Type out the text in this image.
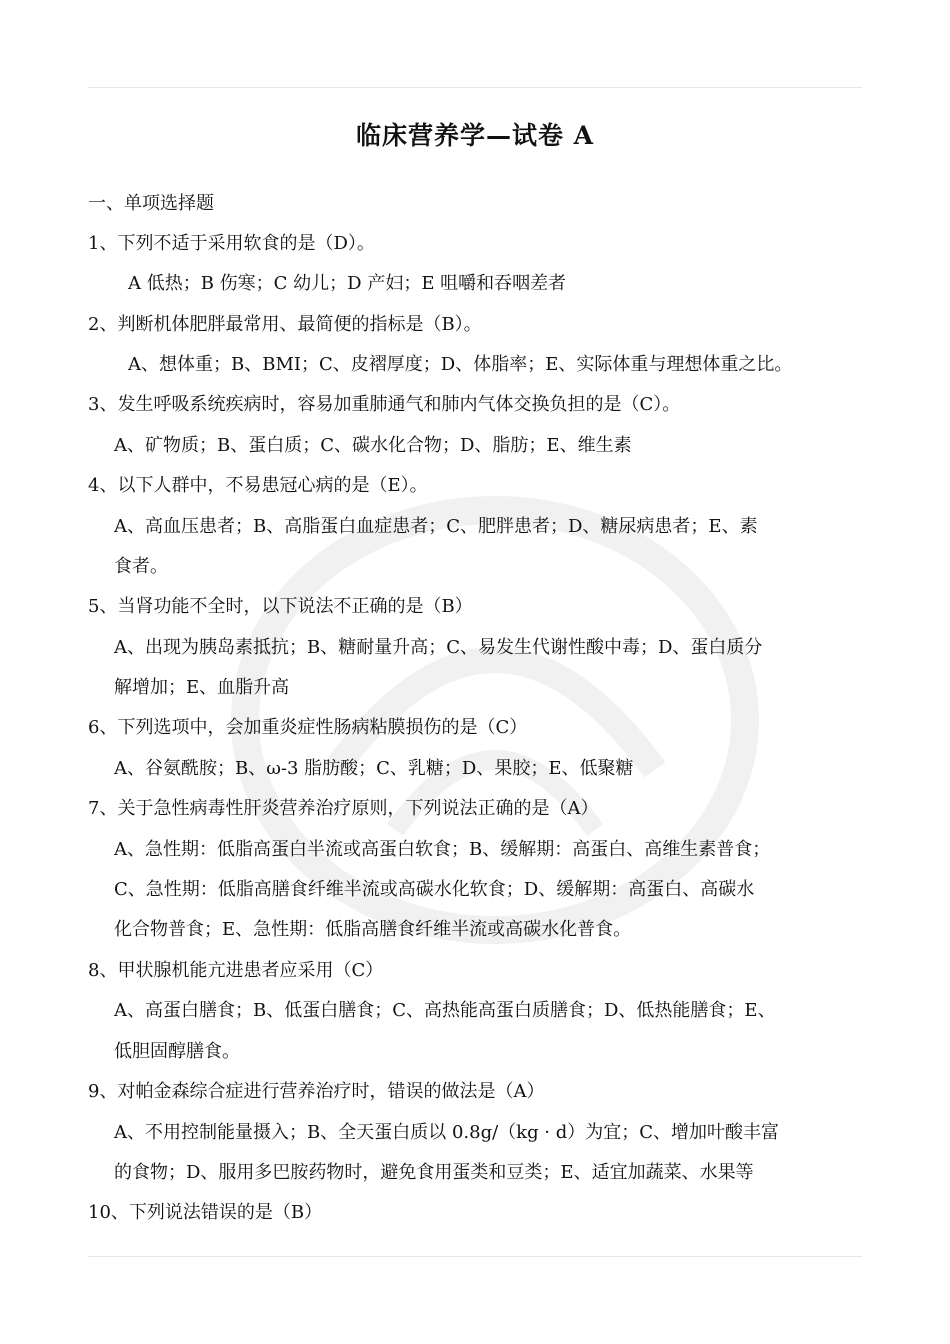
临床营养学—试卷 A
一、单项选择题
1、下列不适于采用软食的是（D）。
A 低热；B 伤寒；C 幼儿；D 产妇；E 咀嚼和吞咽差者
2、判断机体肥胖最常用、最简便的指标是（B）。
A、想体重；B、BMI；C、皮褶厚度；D、体脂率；E、实际体重与理想体重之比。
3、发生呼吸系统疾病时，容易加重肺通气和肺内气体交换负担的是（C）。
A、矿物质；B、蛋白质；C、碳水化合物；D、脂肪；E、维生素
4、以下人群中，不易患冠心病的是（E）。
A、高血压患者；B、高脂蛋白血症患者；C、肥胖患者；D、糖尿病患者；E、素
食者。
5、当肾功能不全时，以下说法不正确的是（B）
A、出现为胰岛素抵抗；B、糖耐量升高；C、易发生代谢性酸中毒；D、蛋白质分
解增加；E、血脂升高
6、下列选项中，会加重炎症性肠病粘膜损伤的是（C）
A、谷氨酰胺；B、ω-3 脂肪酸；C、乳糖；D、果胶；E、低聚糖
7、关于急性病毒性肝炎营养治疗原则，下列说法正确的是（A）
A、急性期：低脂高蛋白半流或高蛋白软食；B、缓解期：高蛋白、高维生素普食；
C、急性期：低脂高膳食纤维半流或高碳水化软食；D、缓解期：高蛋白、高碳水
化合物普食；E、急性期：低脂高膳食纤维半流或高碳水化普食。
8、甲状腺机能亢进患者应采用（C）
A、高蛋白膳食；B、低蛋白膳食；C、高热能高蛋白质膳食；D、低热能膳食；E、
低胆固醇膳食。
9、对帕金森综合症进行营养治疗时，错误的做法是（A）
A、不用控制能量摄入；B、全天蛋白质以 0.8g/（kg · d）为宜；C、增加叶酸丰富
的食物；D、服用多巴胺药物时，避免食用蛋类和豆类；E、适宜加蔬菜、水果等
10、下列说法错误的是（B）
